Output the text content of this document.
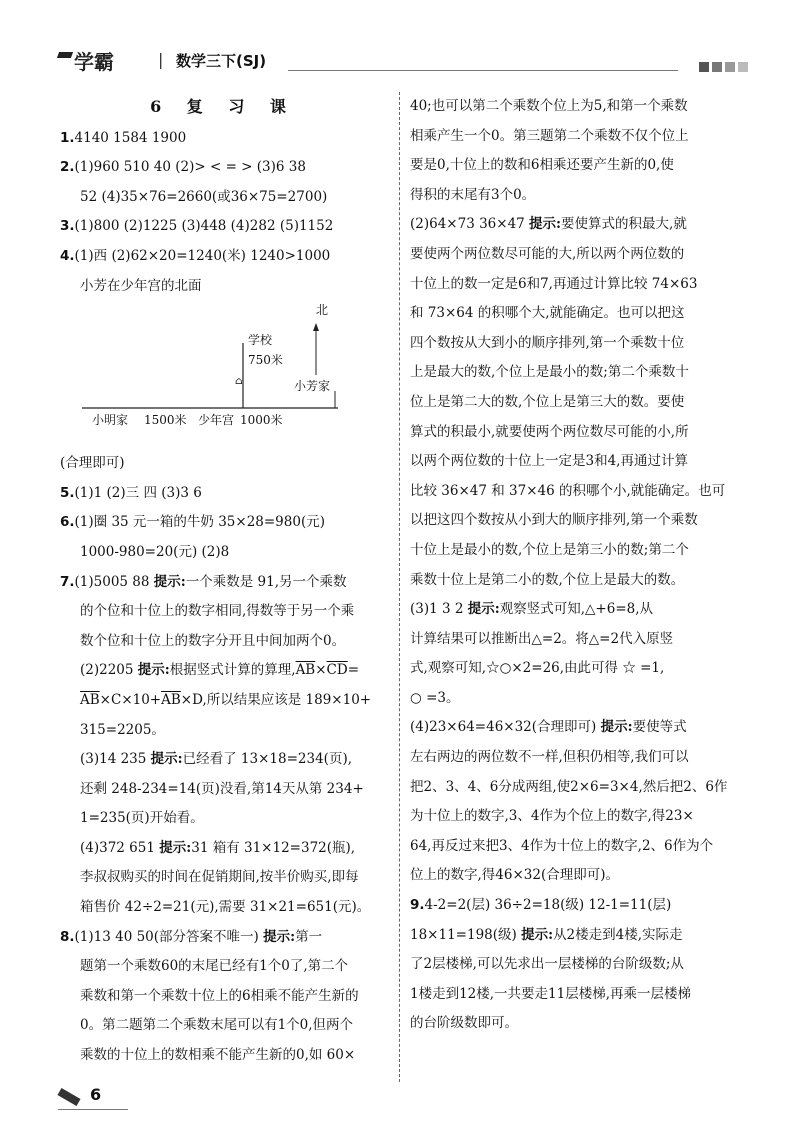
学霸	| 数学三下(SJ)
6 复 习 课
1.4140 1584 1900
2.(1)960 510 40 (2)> < = > (3)6 38
52 (4)35×76=2660(或36×75=2700)
3.(1)800 (2)1225 (3)448 (4)282 (5)1152
4.(1)西 (2)62×20=1240(米) 1240>1000
小芳在少年宫的北面
北
学校
750米
⌂	小芳家
小明家 1500米 少年宫 1000米
(合理即可)
5.(1)1 (2)三 四 (3)3 6
6.(1)圈 35 元一箱的牛奶 35×28=980(元)
1000-980=20(元) (2)8
7.(1)5005 88 提示:一个乘数是 91,另一个乘数
的个位和十位上的数字相同,得数等于另一个乘
数个位和十位上的数字分开且中间加两个0。
(2)2205 提示:根据竖式计算的算理$,\overline{AB}\times\overline{CD}=$
$\overline{AB}\times C\times 10+\overline{AB}\times D$,所以结果应该是 189×10+
315=2205。
(3)14 235 提示:已经看了 13×18=234(页),
还剩 248-234=14(页)没看,第14天从第 234+
1=235(页)开始看。
(4)372 651 提示:31 箱有 31×12=372(瓶),
李叔叔购买的时间在促销期间,按半价购买,即每
箱售价 42÷2=21(元),需要 31×21=651(元)。
8.(1)13 40 50(部分答案不唯一) 提示:第一
题第一个乘数60的末尾已经有1个0了,第二个
乘数和第一个乘数十位上的6相乘不能产生新的
0。第二题第二个乘数末尾可以有1个0,但两个
乘数的十位上的数相乘不能产生新的0,如 60×
40;也可以第二个乘数个位上为5,和第一个乘数
相乘产生一个0。第三题第二个乘数不仅个位上
要是0,十位上的数和6相乘还要产生新的0,使
得积的末尾有3个0。
(2)64×73 36×47 提示:要使算式的积最大,就
要使两个两位数尽可能的大,所以两个两位数的
十位上的数一定是6和7,再通过计算比较 74×63
和 73×64 的积哪个大,就能确定。也可以把这
四个数按从大到小的顺序排列,第一个乘数十位
上是最大的数,个位上是最小的数;第二个乘数十
位上是第二大的数,个位上是第三大的数。要使
算式的积最小,就要使两个两位数尽可能的小,所
以两个两位数的十位上一定是3和4,再通过计算
比较 36×47 和 37×46 的积哪个小,就能确定。也可
以把这四个数按从小到大的顺序排列,第一个乘数
十位上是最小的数,个位上是第三小的数;第二个
乘数十位上是第二小的数,个位上是最大的数。
(3)1 3 2 提示:观察竖式可知,△+6=8,从
计算结果可以推断出△=2。将△=2代入原竖
式,观察可知,☆○×2=26,由此可得 ☆ =1,
○ =3。
(4)23×64=46×32(合理即可) 提示:要使等式
左右两边的两位数不一样,但积仍相等,我们可以
把2、3、4、6分成两组,使2×6=3×4,然后把2、6作
为十位上的数字,3、4作为个位上的数字,得23×
64,再反过来把3、4作为十位上的数字,2、6作为个
位上的数字,得46×32(合理即可)。
9.4-2=2(层) 36÷2=18(级) 12-1=11(层)
18×11=198(级) 提示:从2楼走到4楼,实际走
了2层楼梯,可以先求出一层楼梯的台阶级数;从
1楼走到12楼,一共要走11层楼梯,再乘一层楼梯
的台阶级数即可。
6
